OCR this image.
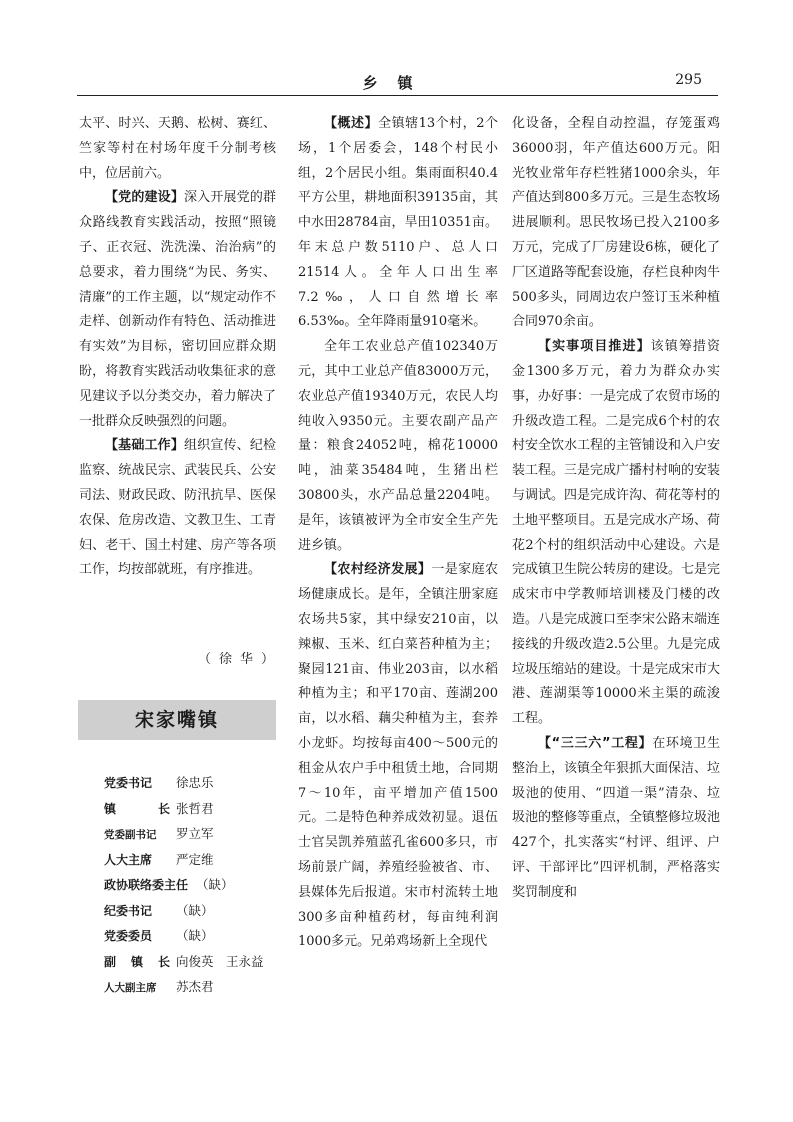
乡镇	295

太平、时兴、天鹅、松树、赛红、竺家等村在村场年度千分制考核中，位居前六。

【党的建设】深入开展党的群众路线教育实践活动，按照“照镜子、正衣冠、洗洗澡、治治病”的总要求，着力围绕“为民、务实、清廉”的工作主题，以“规定动作不走样、创新动作有特色、活动推进有实效”为目标，密切回应群众期盼，将教育实践活动收集征求的意见建议予以分类交办，着力解决了一批群众反映强烈的问题。

【基础工作】组织宣传、纪检监察、统战民宗、武装民兵、公安司法、财政民政、防汛抗旱、医保农保、危房改造、文教卫生、工青妇、老干、国土村建、房产等各项工作，均按部就班，有序推进。

（徐华）
宋家嘴镇
党委书记 徐忠乐
镇长 张哲君
党委副书记 罗立军
人大主席 严定维
政协联络委主任 （缺）
纪委书记 （缺）
党委委员 （缺）
副镇长 向俊英　王永益
人大副主席 苏杰君

【概述】全镇辖13个村，2个场，1个居委会，148个村民小组，2个居民小组。集雨面积40.4平方公里，耕地面积39135亩，其中水田28784亩，旱田10351亩。年末总户数5110户、总人口21514人。全年人口出生率7.2‰，人口自然增长率6.53‰。全年降雨量910毫米。

全年工农业总产值102340万元，其中工业总产值83000万元，农业总产值19340万元，农民人均纯收入9350元。主要农副产品产量：粮食24052吨，棉花10000吨，油菜35484吨，生猪出栏30800头，水产品总量2204吨。是年，该镇被评为全市安全生产先进乡镇。

【农村经济发展】一是家庭农场健康成长。是年，全镇注册家庭农场共5家，其中绿安210亩，以辣椒、玉米、红白菜苔种植为主；聚园121亩、伟业203亩，以水稻种植为主；和平170亩、莲湖200亩，以水稻、藕尖种植为主，套养小龙虾。均按每亩400～500元的租金从农户手中租赁土地，合同期7～10年，亩平增加产值1500元。二是特色种养成效初显。退伍士官吴凯养殖蓝孔雀600多只，市场前景广阔，养殖经验被省、市、县媒体先后报道。宋市村流转土地300多亩种植药材，每亩纯利润1000多元。兄弟鸡场新上全现代

化设备，全程自动控温，存笼蛋鸡36000羽，年产值达600万元。阳光牧业常年存栏牲猪1000余头，年产值达到800多万元。三是生态牧场进展顺利。思民牧场已投入2100多万元，完成了厂房建设6栋，硬化了厂区道路等配套设施，存栏良种肉牛500多头，同周边农户签订玉米种植合同970余亩。

【实事项目推进】该镇筹措资金1300多万元，着力为群众办实事，办好事：一是完成了农贸市场的升级改造工程。二是完成6个村的农村安全饮水工程的主管铺设和入户安装工程。三是完成广播村村响的安装与调试。四是完成许沟、荷花等村的土地平整项目。五是完成水产场、荷花2个村的组织活动中心建设。六是完成镇卫生院公转房的建设。七是完成宋市中学教师培训楼及门楼的改造。八是完成渡口至李宋公路末端连接线的升级改造2.5公里。九是完成垃圾压缩站的建设。十是完成宋市大港、莲湖渠等10000米主渠的疏浚工程。

【“三三六”工程】在环境卫生整治上，该镇全年狠抓大面保洁、垃圾池的使用、“四道一渠”清杂、垃圾池的整修等重点，全镇整修垃圾池427个，扎实落实“村评、组评、户评、干部评比”四评机制，严格落实奖罚制度和
